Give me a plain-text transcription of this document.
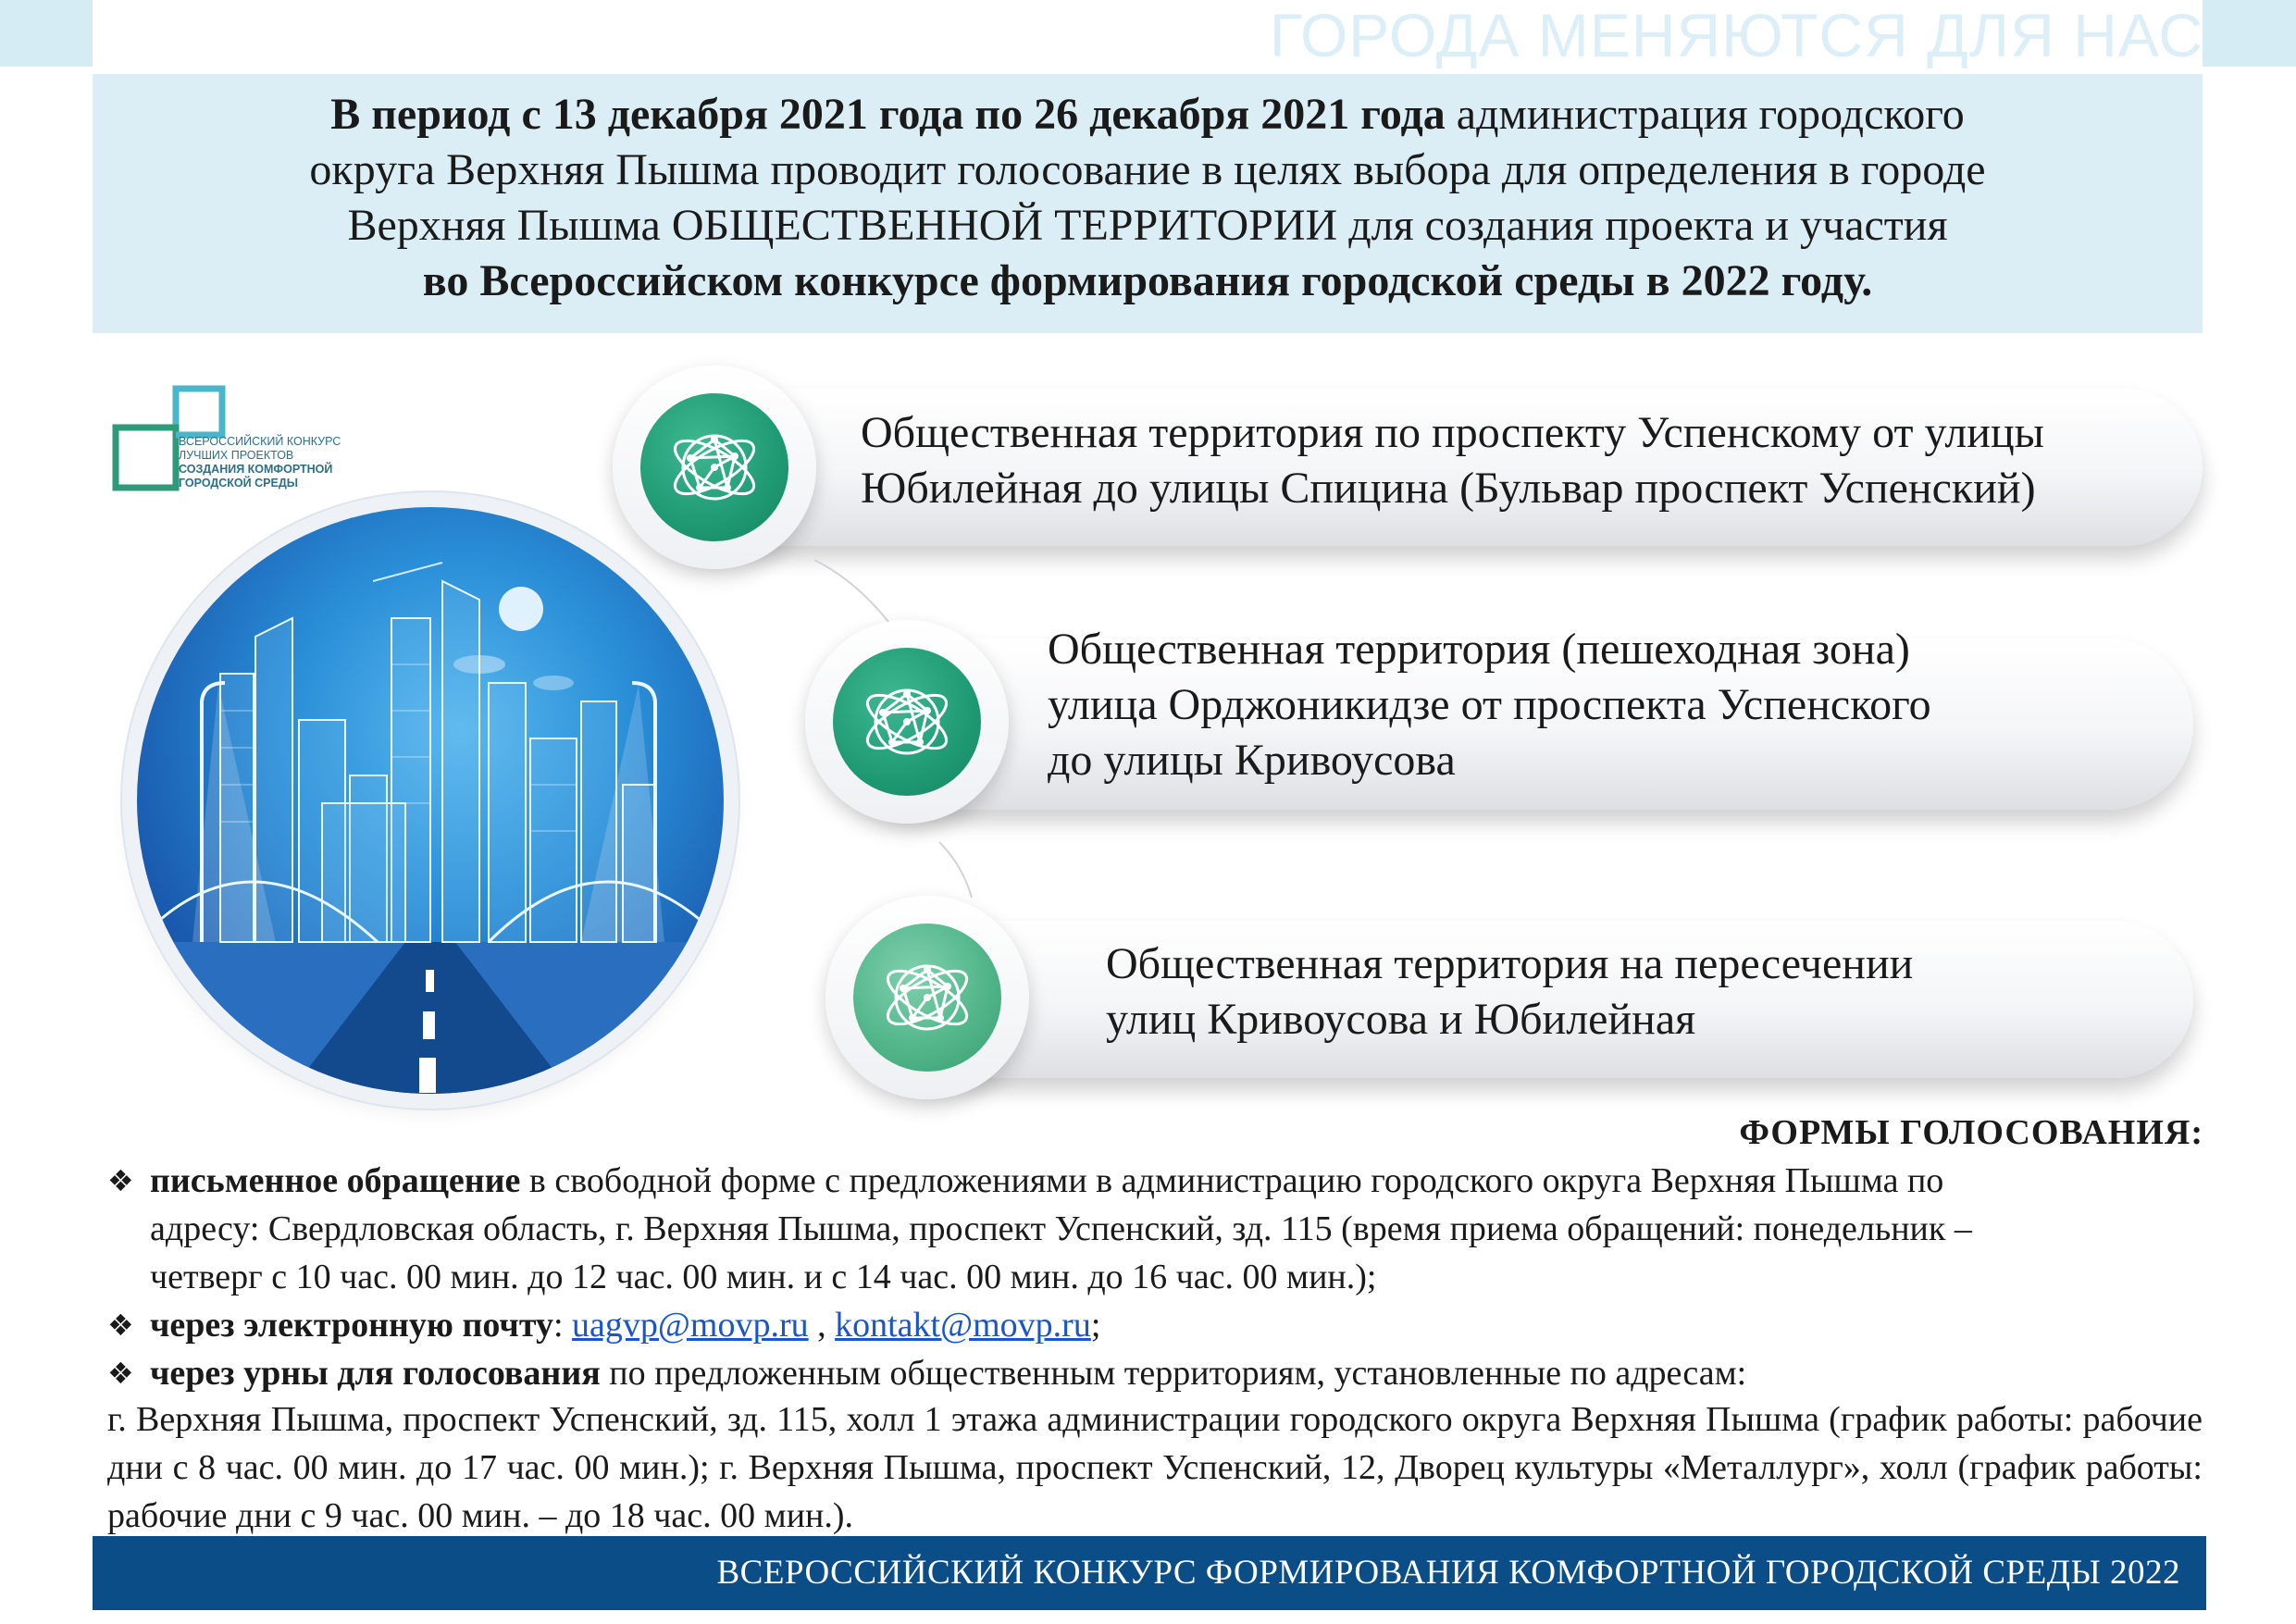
ГОРОДА МЕНЯЮТСЯ ДЛЯ НАС
В период с 13 декабря 2021 года по 26 декабря 2021 года администрация городского
округа Верхняя Пышма проводит голосование в целях выбора для определения в городе
Верхняя Пышма ОБЩЕСТВЕННОЙ ТЕРРИТОРИИ для создания проекта и участия
во Всероссийском конкурсе формирования городской среды в 2022 году.
ВСЕРОССИЙСКИЙ КОНКУРС
ЛУЧШИХ ПРОЕКТОВ
СОЗДАНИЯ КОМФОРТНОЙ
ГОРОДСКОЙ СРЕДЫ
Общественная территория по проспекту Успенскому от улицы
Юбилейная до улицы Спицина (Бульвар проспект Успенский)
Общественная территория (пешеходная зона)
улица Орджоникидзе от проспекта Успенского
до улицы Кривоусова
Общественная территория на пересечении
улиц Кривоусова и Юбилейная
ФОРМЫ ГОЛОСОВАНИЯ:
❖ письменное обращение в свободной форме с предложениями в администрацию городского округа Верхняя Пышма по
адресу: Свердловская область, г. Верхняя Пышма, проспект Успенский, зд. 115 (время приема обращений: понедельник –
четверг с 10 час. 00 мин. до 12 час. 00 мин. и с 14 час. 00 мин. до 16 час. 00 мин.);
❖ через электронную почту: uagvp@movp.ru , kontakt@movp.ru;
❖ через урны для голосования по предложенным общественным территориям, установленные по адресам:
г. Верхняя Пышма, проспект Успенский, зд. 115, холл 1 этажа администрации городского округа Верхняя Пышма (график работы: рабочие дни с 8 час. 00 мин. до 17 час. 00 мин.); г. Верхняя Пышма, проспект Успенский, 12, Дворец культуры «Металлург», холл (график работы: рабочие дни с 9 час. 00 мин. – до 18 час. 00 мин.).
ВСЕРОССИЙСКИЙ КОНКУРС ФОРМИРОВАНИЯ КОМФОРТНОЙ ГОРОДСКОЙ СРЕДЫ 2022
